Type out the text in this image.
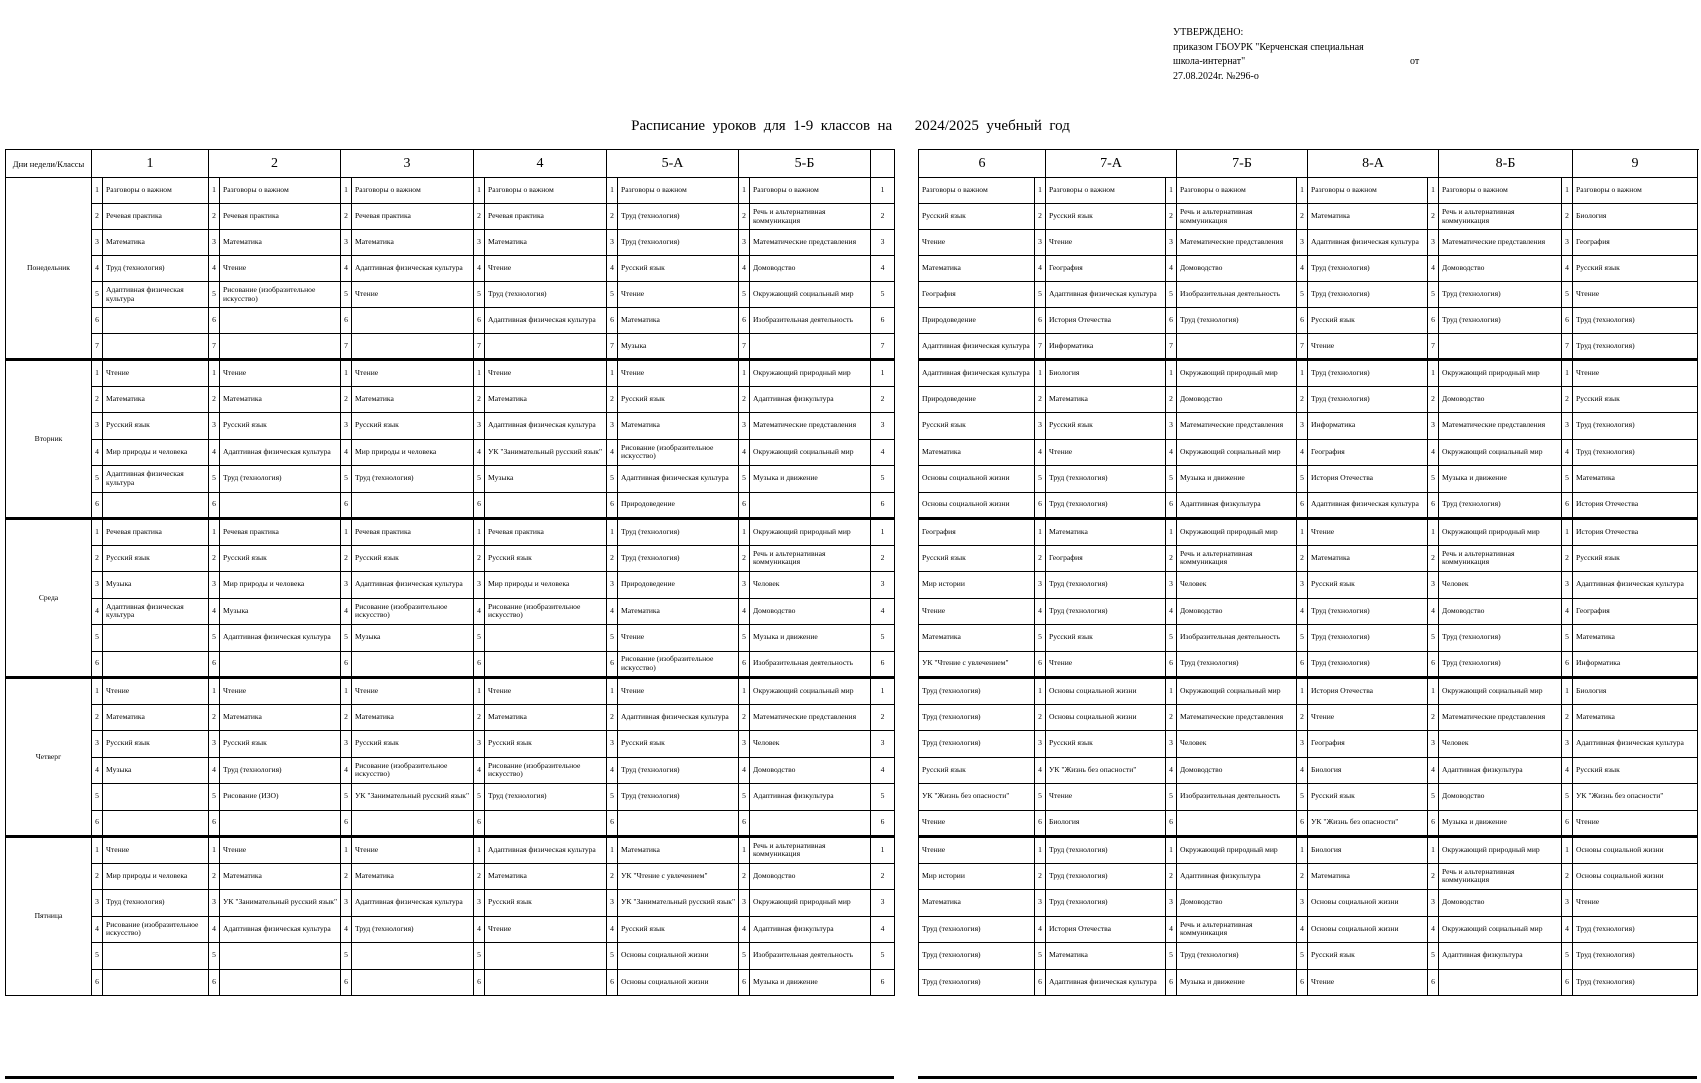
УТВЕРЖДЕНО:
приказом ГБОУРК "Керченская специальная
школа-интернат"	от
27.08.2024г. №296-о
Расписание  уроков  для  1-9  классов  на      2024/2025  учебный  год
Дни недели/Классы	1		2		3		4		5-А		5-Б		
Понедельник	1	Разговоры о важном	1	Разговоры о важном	1	Разговоры о важном	1	Разговоры о важном	1	Разговоры о важном	1	Разговоры о важном	1
	2	Речевая практика	2	Речевая практика	2	Речевая практика	2	Речевая практика	2	Труд (технология)	2	Речь и альтернативная коммуникация	2
	3	Математика	3	Математика	3	Математика	3	Математика	3	Труд (технология)	3	Математические представления	3
	4	Труд (технология)	4	Чтение	4	Адаптивная физическая культура	4	Чтение	4	Русский язык	4	Домоводство	4
	5	Адаптивная физическая культура	5	Рисование (изобразительное искусство)	5	Чтение	5	Труд (технология)	5	Чтение	5	Окружающий социальный мир	5
	6		6		6		6	Адаптивная физическая культура	6	Математика	6	Изобразительная деятельность	6
	7		7		7		7		7	Музыка	7		7
Вторник	1	Чтение	1	Чтение	1	Чтение	1	Чтение	1	Чтение	1	Окружающий природный мир	1
	2	Математика	2	Математика	2	Математика	2	Математика	2	Русский язык	2	Адаптивная физкультура	2
	3	Русский язык	3	Русский язык	3	Русский язык	3	Адаптивная физическая культура	3	Математика	3	Математические представления	3
	4	Мир природы и человека	4	Адаптивная физическая культура	4	Мир природы и человека	4	УК "Занимательный русский язык"	4	Рисование (изобразительное искусство)	4	Окружающий социальный мир	4
	5	Адаптивная физическая культура	5	Труд (технология)	5	Труд (технология)	5	Музыка	5	Адаптивная физическая культура	5	Музыка и движение	5
	6		6		6		6		6	Природоведение	6		6
Среда	1	Речевая практика	1	Речевая практика	1	Речевая практика	1	Речевая практика	1	Труд (технология)	1	Окружающий природный мир	1
	2	Русский язык	2	Русский язык	2	Русский язык	2	Русский язык	2	Труд (технология)	2	Речь и альтернативная коммуникация	2
	3	Музыка	3	Мир природы и человека	3	Адаптивная физическая культура	3	Мир природы и человека	3	Природоведение	3	Человек	3
	4	Адаптивная физическая культура	4	Музыка	4	Рисование (изобразительное искусство)	4	Рисование (изобразительное искусство)	4	Математика	4	Домоводство	4
	5		5	Адаптивная физическая культура	5	Музыка	5		5	Чтение	5	Музыка и движение	5
	6		6		6		6		6	Рисование (изобразительное искусство)	6	Изобразительная деятельность	6
Четверг	1	Чтение	1	Чтение	1	Чтение	1	Чтение	1	Чтение	1	Окружающий социальный мир	1
	2	Математика	2	Математика	2	Математика	2	Математика	2	Адаптивная физическая культура	2	Математические представления	2
	3	Русский язык	3	Русский язык	3	Русский язык	3	Русский язык	3	Русский язык	3	Человек	3
	4	Музыка	4	Труд (технология)	4	Рисование (изобразительное искусство)	4	Рисование (изобразительное искусство)	4	Труд (технология)	4	Домоводство	4
	5		5	Рисование (ИЗО)	5	УК "Занимательный русский язык"	5	Труд (технология)	5	Труд (технология)	5	Адаптивная физкультура	5
	6		6		6		6		6		6		6
Пятница	1	Чтение	1	Чтение	1	Чтение	1	Адаптивная физическая культура	1	Математика	1	Речь и альтернативная коммуникация	1
	2	Мир природы и человека	2	Математика	2	Математика	2	Математика	2	УК "Чтение с увлечением"	2	Домоводство	2
	3	Труд (технология)	3	УК "Занимательный русский язык"	3	Адаптивная физическая культура	3	Русский язык	3	УК "Занимательный русский язык"	3	Окружающий природный мир	3
	4	Рисование (изобразительное искусство)	4	Адаптивная физическая культура	4	Труд (технология)	4	Чтение	4	Русский язык	4	Адаптивная физкультура	4
	5		5		5		5		5	Основы социальной жизни	5	Изобразительная деятельность	5
	6		6		6		6		6	Основы социальной жизни	6	Музыка и движение	6
6		7-А		7-Б		8-А		8-Б		9
Разговоры о важном	1	Разговоры о важном	1	Разговоры о важном	1	Разговоры о важном	1	Разговоры о важном	1	Разговоры о важном
Русский язык	2	Русский язык	2	Речь и альтернативная коммуникация	2	Математика	2	Речь и альтернативная коммуникация	2	Биология
Чтение	3	Чтение	3	Математические представления	3	Адаптивная физическая культура	3	Математические представления	3	География
Математика	4	География	4	Домоводство	4	Труд (технология)	4	Домоводство	4	Русский язык
География	5	Адаптивная физическая культура	5	Изобразительная деятельность	5	Труд (технология)	5	Труд (технология)	5	Чтение
Природоведение	6	История Отечества	6	Труд (технология)	6	Русский язык	6	Труд (технология)	6	Труд (технология)
Адаптивная физическая культура	7	Информатика	7		7	Чтение	7		7	Труд (технология)
Адаптивная физическая культура	1	Биология	1	Окружающий природный мир	1	Труд (технология)	1	Окружающий природный мир	1	Чтение
Природоведение	2	Математика	2	Домоводство	2	Труд (технология)	2	Домоводство	2	Русский язык
Русский язык	3	Русский язык	3	Математические представления	3	Информатика	3	Математические представления	3	Труд (технология)
Математика	4	Чтение	4	Окружающий социальный мир	4	География	4	Окружающий социальный мир	4	Труд (технология)
Основы социальной жизни	5	Труд (технология)	5	Музыка и движение	5	История Отечества	5	Музыка и движение	5	Математика
Основы социальной жизни	6	Труд (технология)	6	Адаптивная физкультура	6	Адаптивная физическая культура	6	Труд (технология)	6	История Отечества
География	1	Математика	1	Окружающий природный мир	1	Чтение	1	Окружающий природный мир	1	История Отечества
Русский язык	2	География	2	Речь и альтернативная коммуникация	2	Математика	2	Речь и альтернативная коммуникация	2	Русский язык
Мир истории	3	Труд (технология)	3	Человек	3	Русский язык	3	Человек	3	Адаптивная физическая культура
Чтение	4	Труд (технология)	4	Домоводство	4	Труд (технология)	4	Домоводство	4	География
Математика	5	Русский язык	5	Изобразительная деятельность	5	Труд (технология)	5	Труд (технология)	5	Математика
УК "Чтение с увлечением"	6	Чтение	6	Труд (технология)	6	Труд (технология)	6	Труд (технология)	6	Информатика
Труд (технология)	1	Основы социальной жизни	1	Окружающий социальный мир	1	История Отечества	1	Окружающий социальный мир	1	Биология
Труд (технология)	2	Основы социальной жизни	2	Математические представления	2	Чтение	2	Математические представления	2	Математика
Труд (технология)	3	Русский язык	3	Человек	3	География	3	Человек	3	Адаптивная физическая культура
Русский язык	4	УК "Жизнь без опасности"	4	Домоводство	4	Биология	4	Адаптивная физкультура	4	Русский язык
УК "Жизнь без опасности"	5	Чтение	5	Изобразительная деятельность	5	Русский язык	5	Домоводство	5	УК "Жизнь без опасности"
Чтение	6	Биология	6		6	УК "Жизнь без опасности"	6	Музыка и движение	6	Чтение
Чтение	1	Труд (технология)	1	Окружающий природный мир	1	Биология	1	Окружающий природный мир	1	Основы социальной жизни
Мир истории	2	Труд (технология)	2	Адаптивная физкультура	2	Математика	2	Речь и альтернативная коммуникация	2	Основы социальной жизни
Математика	3	Труд (технология)	3	Домоводство	3	Основы социальной жизни	3	Домоводство	3	Чтение
Труд (технология)	4	История Отечества	4	Речь и альтернативная коммуникация	4	Основы социальной жизни	4	Окружающий социальный мир	4	Труд (технология)
Труд (технология)	5	Математика	5	Труд (технология)	5	Русский язык	5	Адаптивная физкультура	5	Труд (технология)
Труд (технология)	6	Адаптивная физическая культура	6	Музыка и движение	6	Чтение	6		6	Труд (технология)
